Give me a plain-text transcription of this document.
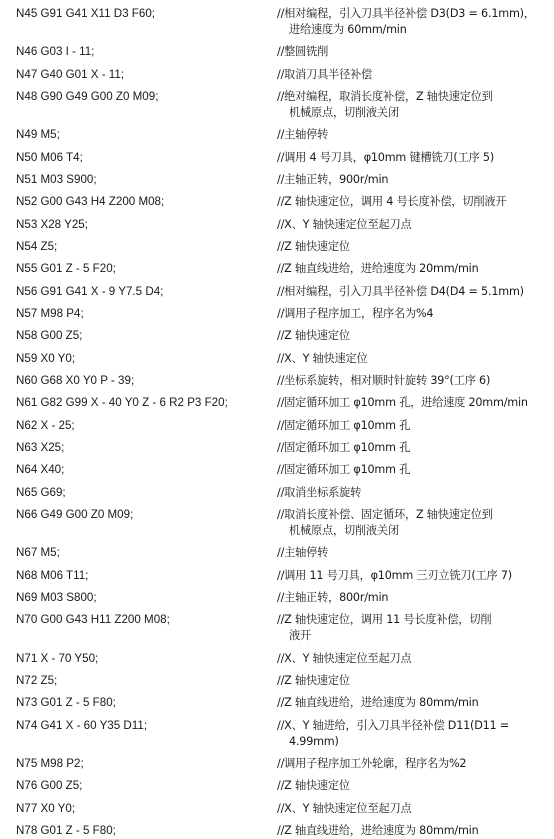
N45 G91 G41 X11 D3 F60;	//相对编程，引入刀具半径补偿 D3(D3 = 6.1mm)，
进给速度为 60mm/min
N46 G03 I - 11;	//整圆铣削
N47 G40 G01 X - 11;	//取消刀具半径补偿
N48 G90 G49 G00 Z0 M09;	//绝对编程，取消长度补偿，Z 轴快速定位到
机械原点，切削液关闭
N49 M5;	//主轴停转
N50 M06 T4;	//调用 4 号刀具，φ10mm 键槽铣刀(工序 5)
N51 M03 S900;	//主轴正转，900r/min
N52 G00 G43 H4 Z200 M08;	//Z 轴快速定位，调用 4 号长度补偿，切削液开
N53 X28 Y25;	//X、Y 轴快速定位至起刀点
N54 Z5;	//Z 轴快速定位
N55 G01 Z - 5 F20;	//Z 轴直线进给，进给速度为 20mm/min
N56 G91 G41 X - 9 Y7.5 D4;	//相对编程，引入刀具半径补偿 D4(D4 = 5.1mm)
N57 M98 P4;	//调用子程序加工，程序名为%4
N58 G00 Z5;	//Z 轴快速定位
N59 X0 Y0;	//X、Y 轴快速定位
N60 G68 X0 Y0 P - 39;	//坐标系旋转，相对顺时针旋转 39°(工序 6)
N61 G82 G99 X - 40 Y0 Z - 6 R2 P3 F20;	//固定循环加工 φ10mm 孔，进给速度 20mm/min
N62 X - 25;	//固定循环加工 φ10mm 孔
N63 X25;	//固定循环加工 φ10mm 孔
N64 X40;	//固定循环加工 φ10mm 孔
N65 G69;	//取消坐标系旋转
N66 G49 G00 Z0 M09;	//取消长度补偿、固定循环，Z 轴快速定位到
机械原点，切削液关闭
N67 M5;	//主轴停转
N68 M06 T11;	//调用 11 号刀具，φ10mm 三刃立铣刀(工序 7)
N69 M03 S800;	//主轴正转，800r/min
N70 G00 G43 H11 Z200 M08;	//Z 轴快速定位，调用 11 号长度补偿，切削
液开
N71 X - 70 Y50;	//X、Y 轴快速定位至起刀点
N72 Z5;	//Z 轴快速定位
N73 G01 Z - 5 F80;	//Z 轴直线进给，进给速度为 80mm/min
N74 G41 X - 60 Y35 D11;	//X、Y 轴进给，引入刀具半径补偿 D11(D11 =
4.99mm)
N75 M98 P2;	//调用子程序加工外轮廓，程序名为%2
N76 G00 Z5;	//Z 轴快速定位
N77 X0 Y0;	//X、Y 轴快速定位至起刀点
N78 G01 Z - 5 F80;	//Z 轴直线进给，进给速度为 80mm/min
